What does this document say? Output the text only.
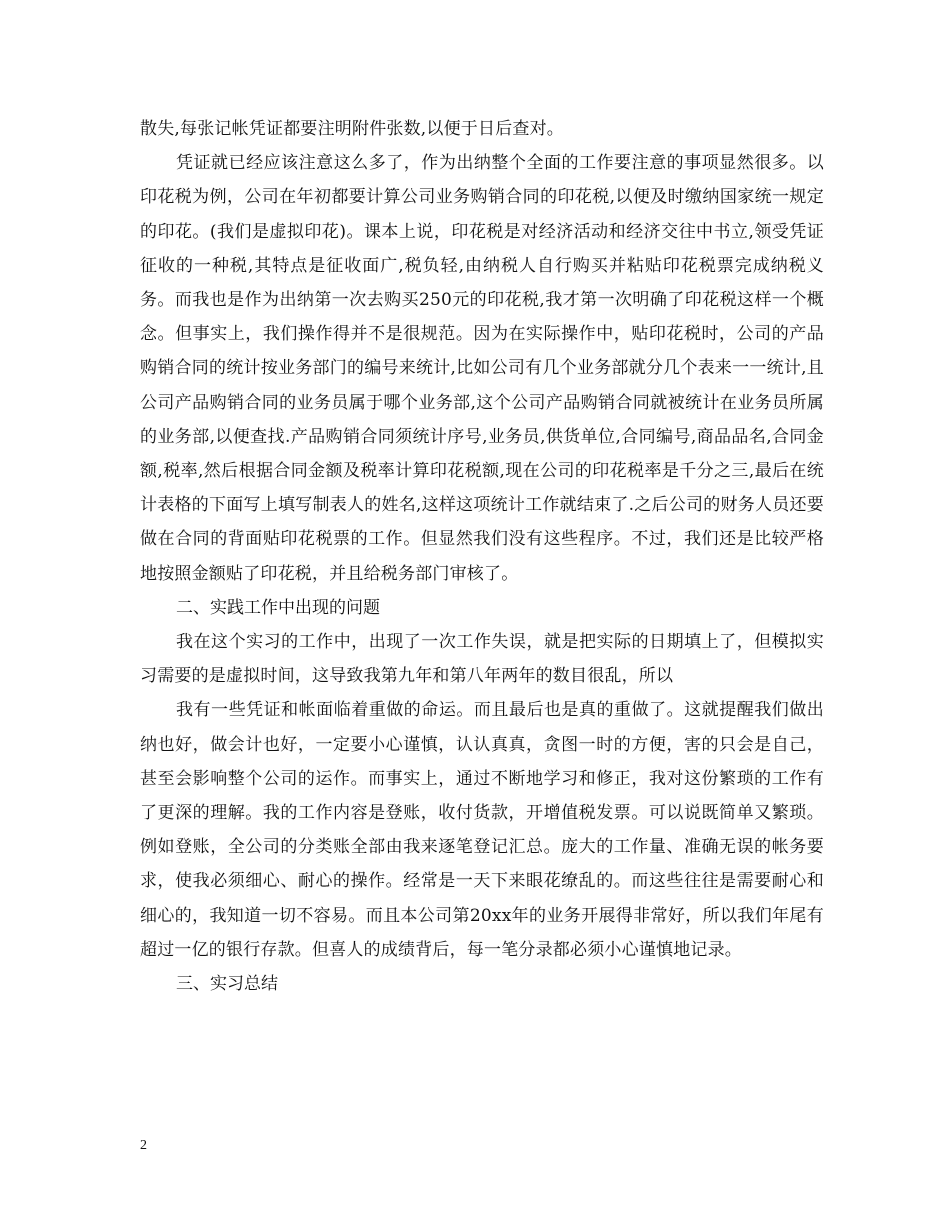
散失,每张记帐凭证都要注明附件张数,以便于日后查对。

凭证就已经应该注意这么多了，作为出纳整个全面的工作要注意的事项显然很多。以印花税为例，公司在年初都要计算公司业务购销合同的印花税,以便及时缴纳国家统一规定的印花。(我们是虚拟印花)。课本上说，印花税是对经济活动和经济交往中书立,领受凭证征收的一种税,其特点是征收面广,税负轻,由纳税人自行购买并粘贴印花税票完成纳税义务。而我也是作为出纳第一次去购买250元的印花税,我才第一次明确了印花税这样一个概念。但事实上，我们操作得并不是很规范。因为在实际操作中，贴印花税时，公司的产品购销合同的统计按业务部门的编号来统计,比如公司有几个业务部就分几个表来一一统计,且公司产品购销合同的业务员属于哪个业务部,这个公司产品购销合同就被统计在业务员所属的业务部,以便查找.产品购销合同须统计序号,业务员,供货单位,合同编号,商品品名,合同金额,税率,然后根据合同金额及税率计算印花税额,现在公司的印花税率是千分之三,最后在统计表格的下面写上填写制表人的姓名,这样这项统计工作就结束了.之后公司的财务人员还要做在合同的背面贴印花税票的工作。但显然我们没有这些程序。不过，我们还是比较严格地按照金额贴了印花税，并且给税务部门审核了。

二、实践工作中出现的问题

我在这个实习的工作中，出现了一次工作失误，就是把实际的日期填上了，但模拟实习需要的是虚拟时间，这导致我第九年和第八年两年的数目很乱，所以

我有一些凭证和帐面临着重做的命运。而且最后也是真的重做了。这就提醒我们做出纳也好，做会计也好，一定要小心谨慎，认认真真，贪图一时的方便，害的只会是自己，甚至会影响整个公司的运作。而事实上，通过不断地学习和修正，我对这份繁琐的工作有了更深的理解。我的工作内容是登账，收付货款，开增值税发票。可以说既简单又繁琐。例如登账，全公司的分类账全部由我来逐笔登记汇总。庞大的工作量、准确无误的帐务要求，使我必须细心、耐心的操作。经常是一天下来眼花缭乱的。而这些往往是需要耐心和细心的，我知道一切不容易。而且本公司第20xx年的业务开展得非常好，所以我们年尾有超过一亿的银行存款。但喜人的成绩背后，每一笔分录都必须小心谨慎地记录。

三、实习总结

2
